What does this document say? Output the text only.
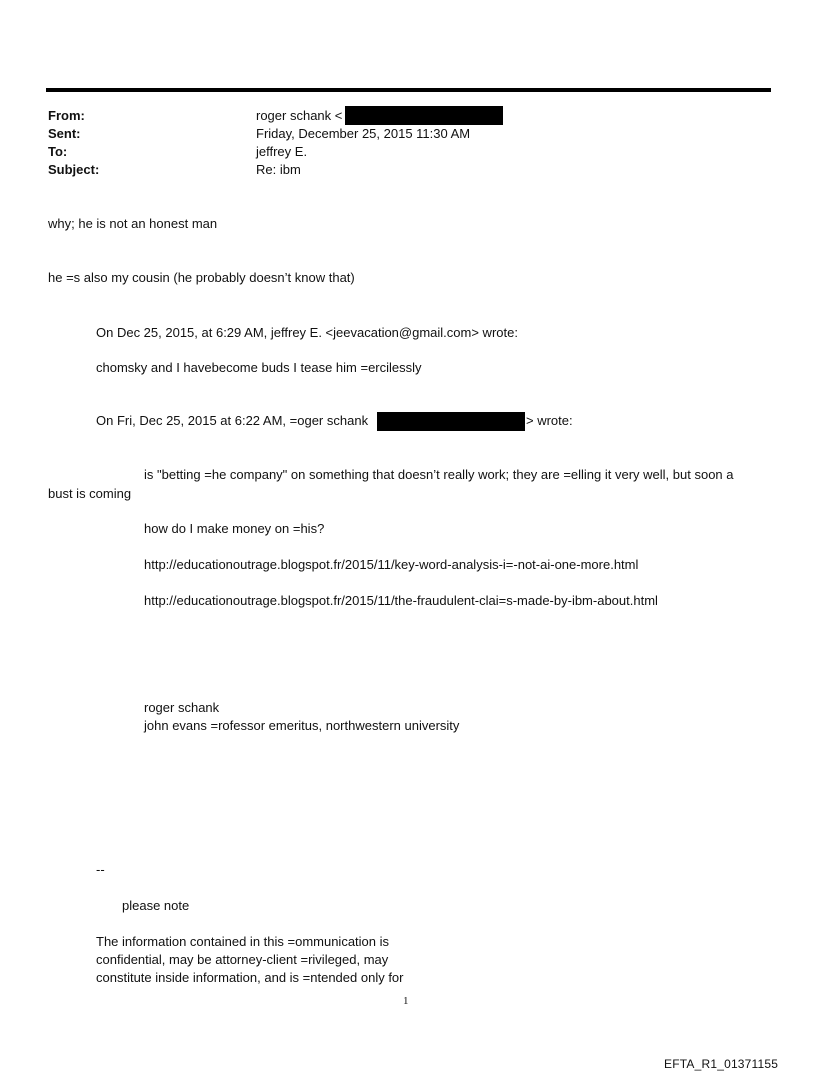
From:	roger schank <
Sent:	Friday, December 25, 2015 11:30 AM
To:	jeffrey E.
Subject:	Re: ibm
why; he is not an honest man
he =s also my cousin (he probably doesn’t know that)
On Dec 25, 2015, at 6:29 AM, jeffrey E. <jeevacation@gmail.com> wrote:
chomsky and I havebecome buds I tease him =ercilessly
On Fri, Dec 25, 2015 at 6:22 AM, =oger schank	> wrote:
is "betting =he company" on something that doesn’t really work; they are =elling it very well, but soon a
bust is coming
how do I make money on =his?
http://educationoutrage.blogspot.fr/2015/11/key-word-analysis-i=-not-ai-one-more.html
http://educationoutrage.blogspot.fr/2015/11/the-fraudulent-clai=s-made-by-ibm-about.html
roger schank
john evans =rofessor emeritus, northwestern university
--
please note
The information contained in this =ommunication is confidential, may be attorney-client =rivileged, may constitute inside information, and is =ntended only for
1
EFTA_R1_01371155
